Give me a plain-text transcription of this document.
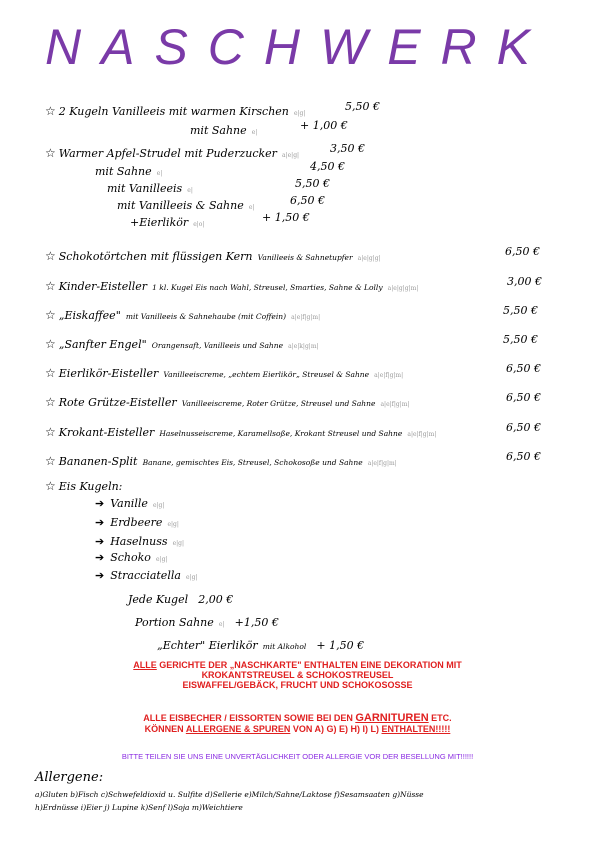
NASCHWERK
☆ 2 Kugeln Vanilleeis mit warmen Kirschen e|g|
5,50 €
mit Sahne e|
+ 1,00 €
☆ Warmer Apfel-Strudel mit Puderzucker a|e|g|
3,50 €
mit Sahne e|
4,50 €
mit Vanilleeis e|
5,50 €
mit Vanilleeis & Sahne e|
6,50 €
+Eierlikör e|o|
+ 1,50 €
☆ Schokotörtchen mit flüssigen Kern Vanilleeis & Sahnetupfer a|e|g|g|
6,50 €
☆ Kinder-Eisteller 1 kl. Kugel Eis nach Wahl, Streusel, Smarties, Sahne & Lolly a|e|g|g|m|
3,00 €
☆ „Eiskaffee" mit Vanilleeis & Sahnehaube (mit Coffein) a|e|f|g|m|
5,50 €
☆ „Sanfter Engel" Orangensaft, Vanilleeis und Sahne a|e|k|g|m|
5,50 €
☆ Eierlikör-Eisteller Vanilleeiscreme, „echtem Eierlikör„ Streusel & Sahne a|e|f|g|m|
6,50 €
☆ Rote Grütze-Eisteller Vanilleeiscreme, Roter Grütze, Streusel und Sahne a|e|f|g|m|
6,50 €
☆ Krokant-Eisteller Haselnusseiscreme, Karamellsoße, Krokant Streusel und Sahne a|e|f|g|m|
6,50 €
☆ Bananen-Split Banane, gemischtes Eis, Streusel, Schokosoße und Sahne a|e|f|g|m|
6,50 €
☆ Eis Kugeln:
➔ Vanille e|g|
➔ Erdbeere e|g|
➔ Haselnuss e|g|
➔ Schoko e|g|
➔ Stracciatella e|g|
Jede Kugel 2,00 €
Portion Sahne e| +1,50 €
„Echter" Eierlikör mit Alkohol + 1,50 €
ALLE GERICHTE DER „NASCHKARTE" ENTHALTEN EINE DEKORATION MIT
KROKANTSTREUSEL & SCHOKOSTREUSEL
EISWAFFEL/GEBÄCK, FRUCHT UND SCHOKOSOSSE
ALLE EISBECHER / EISSORTEN SOWIE BEI DEN GARNITUREN ETC.
KÖNNEN ALLERGENE & SPUREN VON A) G) E) H) I) L) ENTHALTEN!!!!!
BITTE TEILEN SIE UNS EINE UNVERTÄGLICHKEIT ODER ALLERGIE VOR DER BESELLUNG MIT!!!!!!
Allergene:
a)Gluten b)Fisch c)Schwefeldioxid u. Sulfite d)Sellerie e)Milch/Sahne/Laktose f)Sesamsaaten g)Nüsse
h)Erdnüsse i)Eier j) Lupine k)Senf l)Soja m)Weichtiere
